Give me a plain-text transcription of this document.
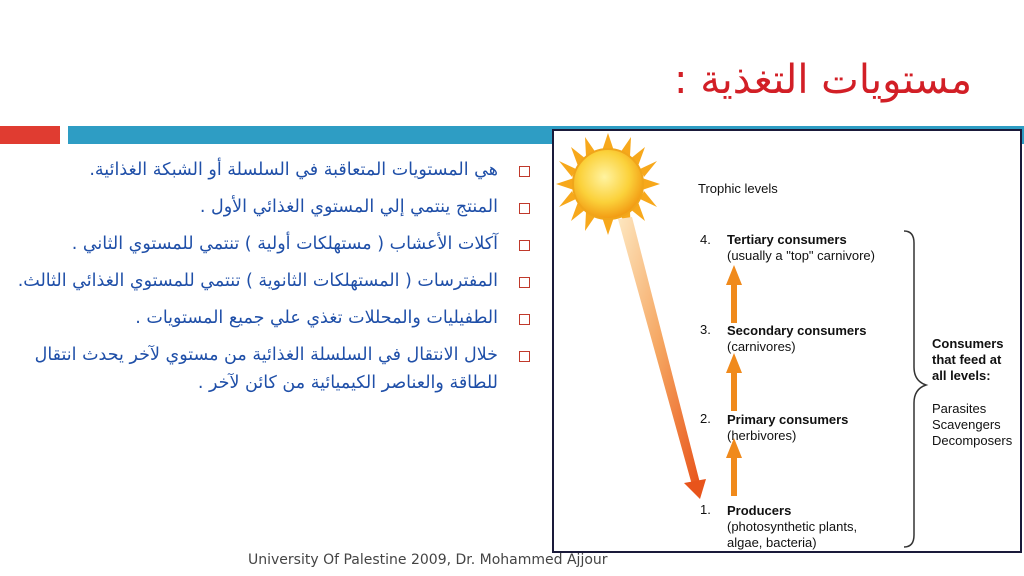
مستويات التغذية :
هي المستويات المتعاقبة في السلسلة أو الشبكة الغذائية.
المنتج ينتمي إلي المستوي الغذائي الأول .
آكلات الأعشاب ( مستهلكات أولية ) تنتمي للمستوي الثاني .
المفترسات ( المستهلكات الثانوية ) تنتمي للمستوي الغذائي الثالث.
الطفيليات والمحللات تغذي علي جميع المستويات .
خلال الانتقال في السلسلة الغذائية من مستوي لآخر يحدث انتقال للطاقة والعناصر الكيميائية من كائن لآخر .
Trophic levels
4. Tertiary consumers
(usually a "top" carnivore)
3. Secondary consumers
(carnivores)
2. Primary consumers
(herbivores)
1. Producers
(photosynthetic plants,
algae, bacteria)
Consumers
that feed at
all levels:
Parasites
Scavengers
Decomposers
University Of Palestine 2009, Dr. Mohammed Ajjour
